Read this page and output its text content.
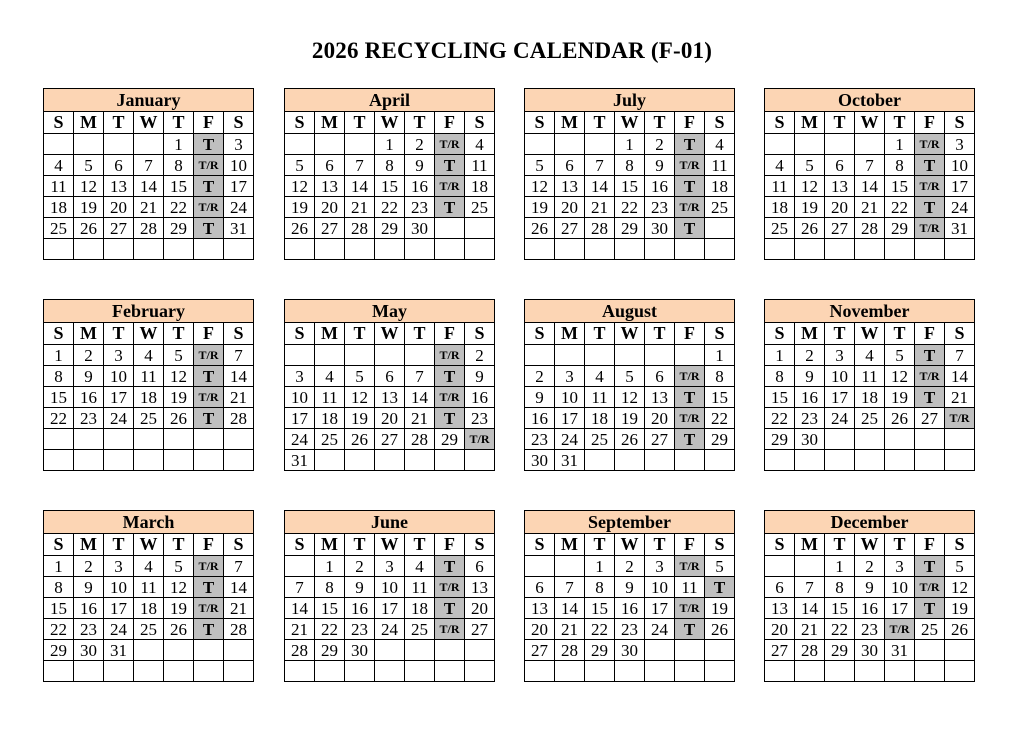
2026 RECYCLING CALENDAR (F-01)
January
S	M	T	W	T	F	S
				1	T	3
4	5	6	7	8	T/R	10
11	12	13	14	15	T	17
18	19	20	21	22	T/R	24
25	26	27	28	29	T	31

February
S	M	T	W	T	F	S
1	2	3	4	5	T/R	7
8	9	10	11	12	T	14
15	16	17	18	19	T/R	21
22	23	24	25	26	T	28

March
S	M	T	W	T	F	S
1	2	3	4	5	T/R	7
8	9	10	11	12	T	14
15	16	17	18	19	T/R	21
22	23	24	25	26	T	28
29	30	31				

April
S	M	T	W	T	F	S
			1	2	T/R	4
5	6	7	8	9	T	11
12	13	14	15	16	T/R	18
19	20	21	22	23	T	25
26	27	28	29	30		

May
S	M	T	W	T	F	S
					T/R	2
3	4	5	6	7	T	9
10	11	12	13	14	T/R	16
17	18	19	20	21	T	23
24	25	26	27	28	29	T/R
31						
June
S	M	T	W	T	F	S
	1	2	3	4	T	6
7	8	9	10	11	T/R	13
14	15	16	17	18	T	20
21	22	23	24	25	T/R	27
28	29	30				

July
S	M	T	W	T	F	S
			1	2	T	4
5	6	7	8	9	T/R	11
12	13	14	15	16	T	18
19	20	21	22	23	T/R	25
26	27	28	29	30	T	

August
S	M	T	W	T	F	S
						1
2	3	4	5	6	T/R	8
9	10	11	12	13	T	15
16	17	18	19	20	T/R	22
23	24	25	26	27	T	29
30	31					
September
S	M	T	W	T	F	S
		1	2	3	T/R	5
6	7	8	9	10	11	T
13	14	15	16	17	T/R	19
20	21	22	23	24	T	26
27	28	29	30			

October
S	M	T	W	T	F	S
				1	T/R	3
4	5	6	7	8	T	10
11	12	13	14	15	T/R	17
18	19	20	21	22	T	24
25	26	27	28	29	T/R	31

November
S	M	T	W	T	F	S
1	2	3	4	5	T	7
8	9	10	11	12	T/R	14
15	16	17	18	19	T	21
22	23	24	25	26	27	T/R
29	30					

December
S	M	T	W	T	F	S
		1	2	3	T	5
6	7	8	9	10	T/R	12
13	14	15	16	17	T	19
20	21	22	23	T/R	25	26
27	28	29	30	31		
